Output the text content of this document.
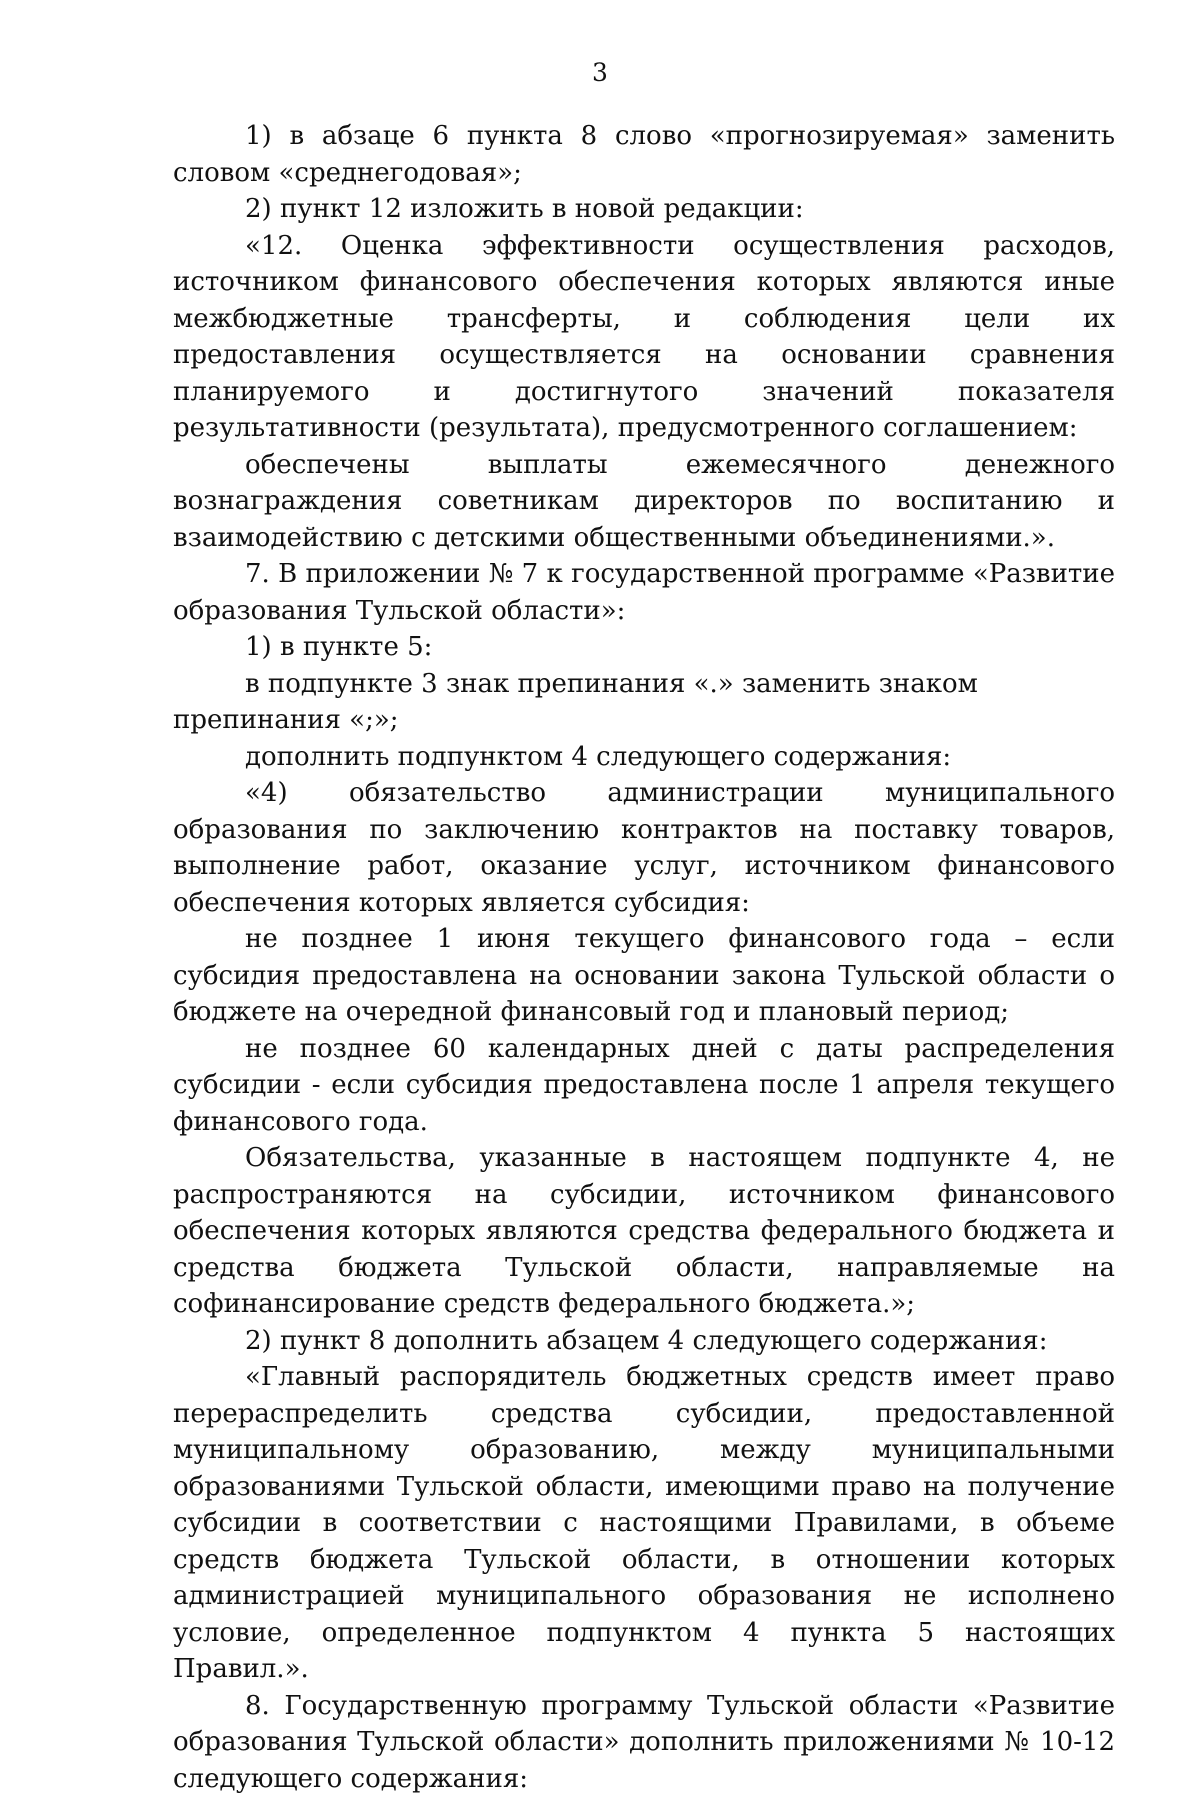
3

1) в абзаце 6 пункта 8 слово «прогнозируемая» заменить словом «среднегодовая»;

2) пункт 12 изложить в новой редакции:

«12. Оценка эффективности осуществления расходов, источником финансового обеспечения которых являются иные межбюджетные трансферты, и соблюдения цели их предоставления осуществляется на основании сравнения планируемого и достигнутого значений показателя результативности (результата), предусмотренного соглашением:

обеспечены выплаты ежемесячного денежного вознаграждения советникам директоров по воспитанию и взаимодействию с детскими общественными объединениями.».

7. В приложении № 7 к государственной программе «Развитие образования Тульской области»:

1) в пункте 5:

в подпункте 3 знак препинания «.» заменить знаком препинания «;»;

дополнить подпунктом 4 следующего содержания:

«4) обязательство администрации муниципального образования по заключению контрактов на поставку товаров, выполнение работ, оказание услуг, источником финансового обеспечения которых является субсидия:

не позднее 1 июня текущего финансового года – если субсидия предоставлена на основании закона Тульской области о бюджете на очередной финансовый год и плановый период;

не позднее 60 календарных дней с даты распределения субсидии - если субсидия предоставлена после 1 апреля текущего финансового года.

Обязательства, указанные в настоящем подпункте 4, не распространяются на субсидии, источником финансового обеспечения которых являются средства федерального бюджета и средства бюджета Тульской области, направляемые на софинансирование средств федерального бюджета.»;

2) пункт 8 дополнить абзацем 4 следующего содержания:

«Главный распорядитель бюджетных средств имеет право перераспределить средства субсидии, предоставленной муниципальному образованию, между муниципальными образованиями Тульской области, имеющими право на получение субсидии в соответствии с настоящими Правилами, в объеме средств бюджета Тульской области, в отношении которых администрацией муниципального образования не исполнено условие, определенное подпунктом 4 пункта 5 настоящих Правил.».

8. Государственную программу Тульской области «Развитие образования Тульской области» дополнить приложениями № 10-12 следующего содержания:
